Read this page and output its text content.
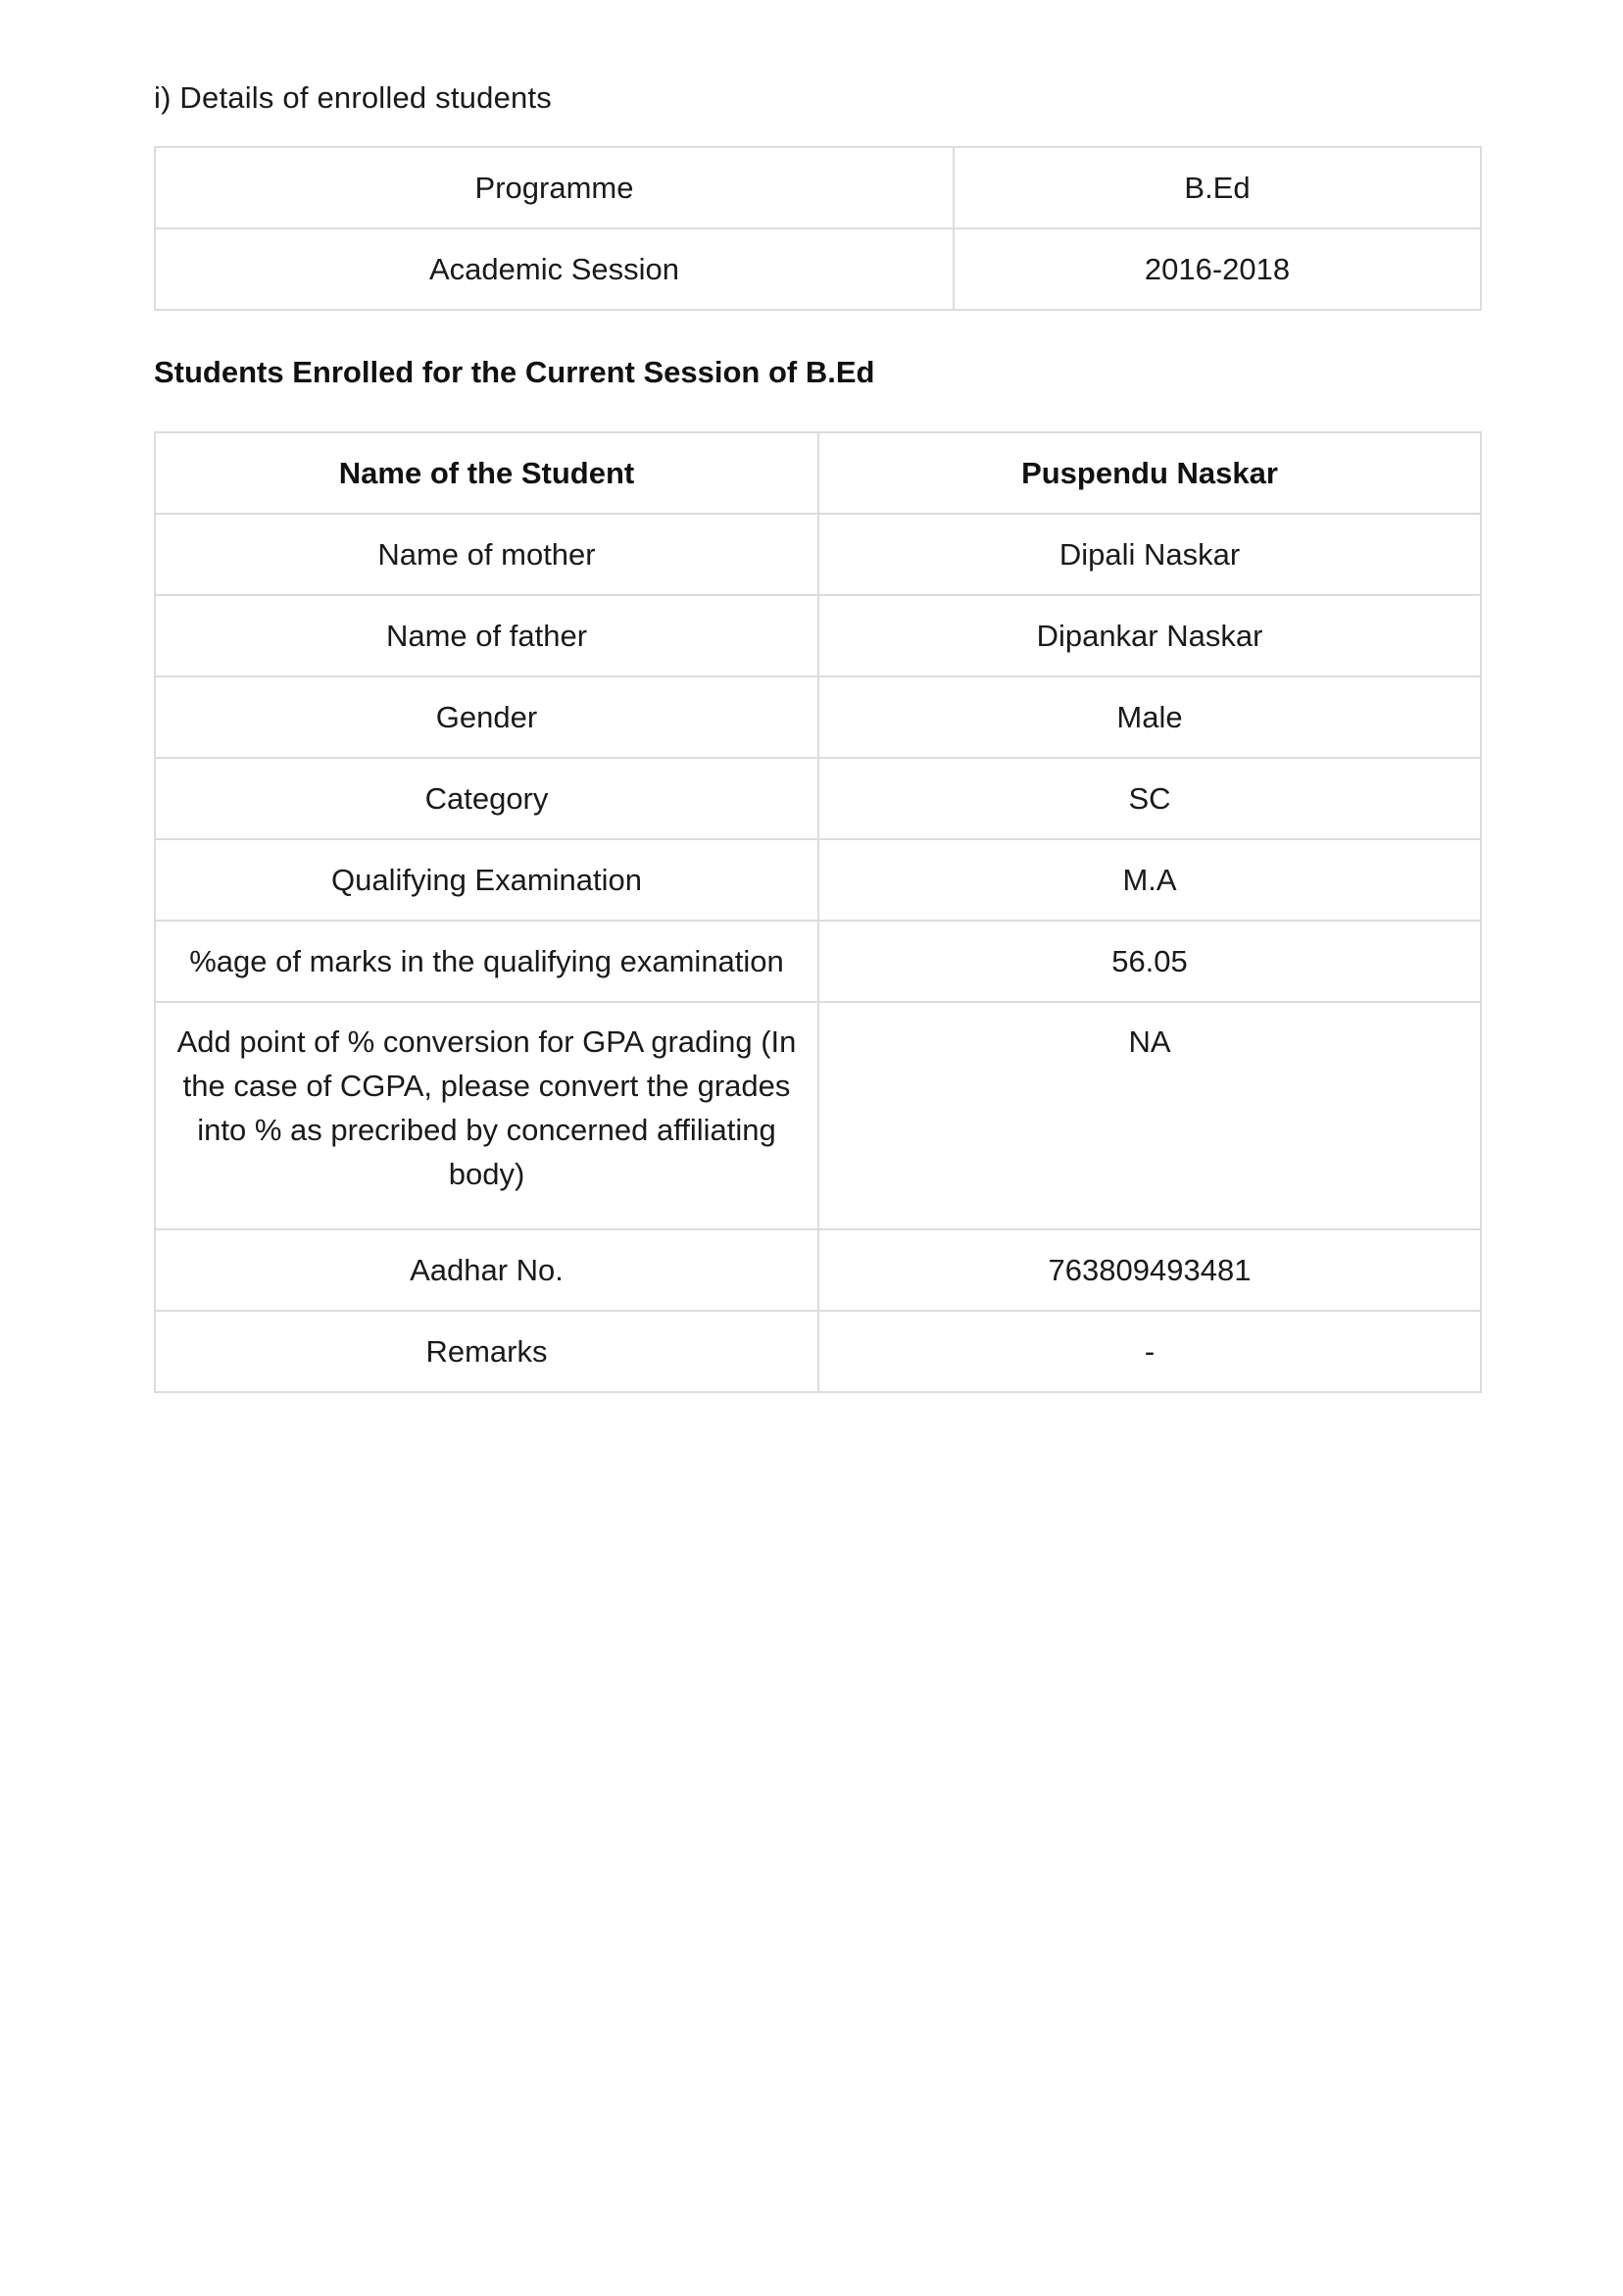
i) Details of enrolled students
Programme	B.Ed
Academic Session	2016-2018
Students Enrolled for the Current Session of B.Ed
Name of the Student	Puspendu Naskar
Name of mother	Dipali Naskar
Name of father	Dipankar Naskar
Gender	Male
Category	SC
Qualifying Examination	M.A
%age of marks in the qualifying examination	56.05
Add point of % conversion for GPA grading (In the case of CGPA, please convert the grades into % as precribed by concerned affiliating body)	NA
Aadhar No.	763809493481
Remarks	-
